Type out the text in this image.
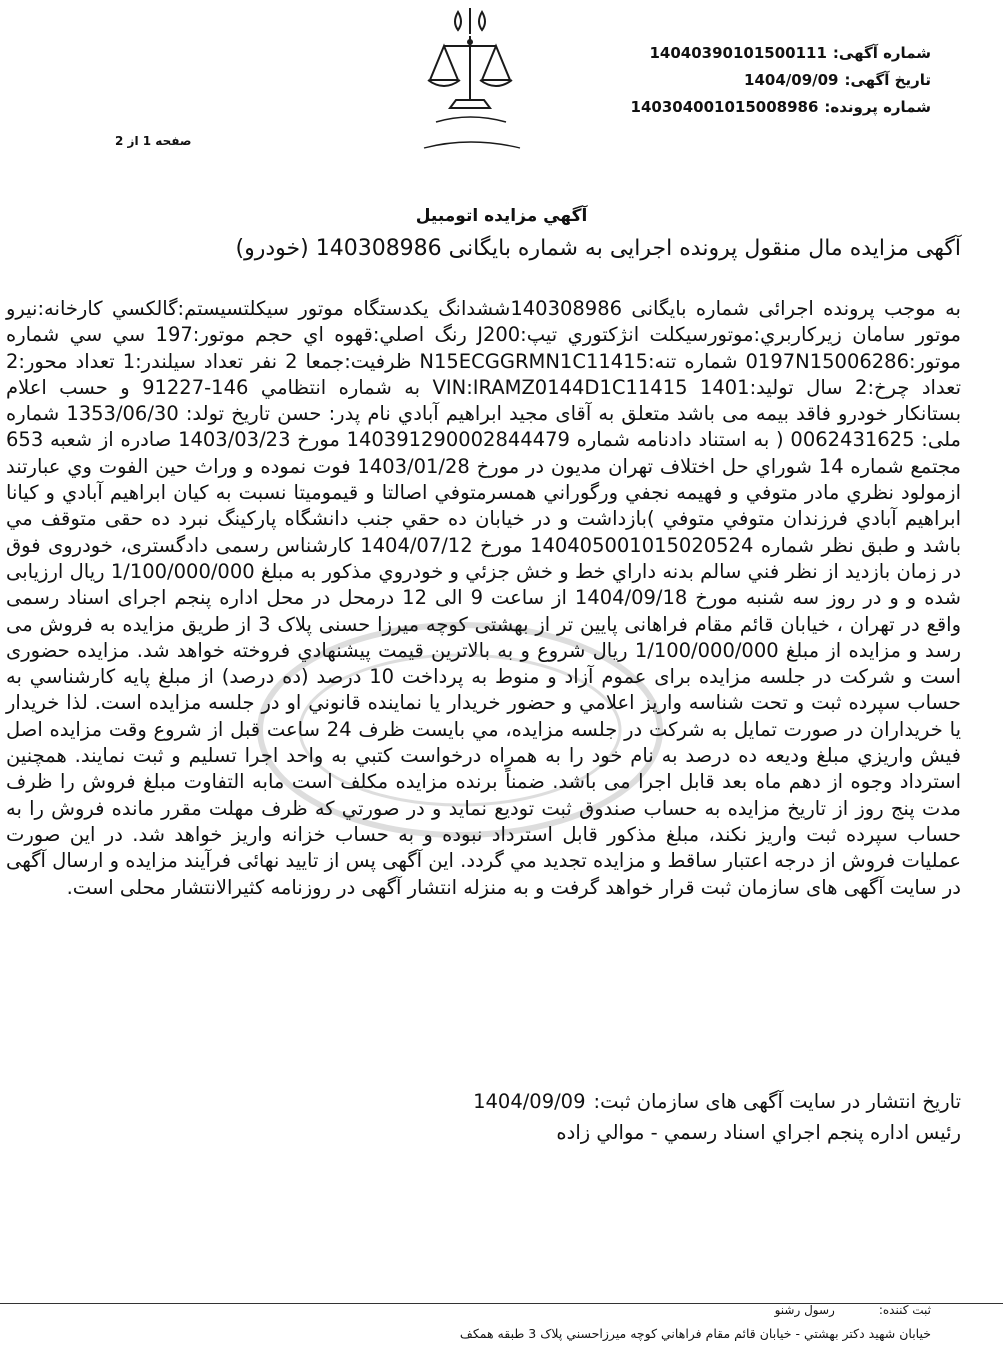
شماره آگهی:14040390101500111
تاریخ آگهی:1404/09/09
شماره پرونده:140304001015008986
صفحه 1 از 2
آگهي مزايده اتومبيل
آگهی مزایده مال منقول پرونده اجرایی به شماره بایگانی 140308986 (خودرو)

به موجب پرونده اجرائی شماره بایگانی 140308986ششدانگ يکدستگاه موتور سيکلتسيستم:گالکسي کارخانه:نيرو موتور سامان زيرکاربري:موتورسيکلت انژکتوري تيپ:J200 رنگ اصلي:قهوه اي حجم موتور:197 سي سي شماره موتور:0197N15006286 شماره تنه:N15ECGGRMN1C11415 ظرفيت:جمعا 2 نفر تعداد سيلندر:1 تعداد محور:2 تعداد چرخ:2 سال توليد:1401 VIN:IRAMZ0144D1C11415 به شماره انتظامي 146-91227 و حسب اعلام بستانکار خودرو فاقد بيمه می باشد متعلق به آقای مجيد ابراهيم آبادي نام پدر: حسن تاريخ تولد: 1353/06/30 شماره ملی: 0062431625 ( به استناد دادنامه شماره 140391290002844479 مورخ 1403/03/23 صادره از شعبه 653 مجتمع شماره 14 شوراي حل اختلاف تهران مديون در مورخ 1403/01/28 فوت نموده و وراث حين الفوت وي عبارتند ازمولود نظري مادر متوفي و فهيمه نجفي ورگوراني همسرمتوفي اصالتا و قيموميتا نسبت به کيان ابراهيم آبادي و کيانا ابراهيم آبادي فرزندان متوفي متوفي )بازداشت و در خيابان ده حقي جنب دانشگاه پارکينگ نبرد ده حقی متوقف مي باشد و طبق نظر شماره 140405001015020524 مورخ 1404/07/12 کارشناس رسمی دادگستری، خودروی فوق در زمان بازدید از نظر فني سالم بدنه داراي خط و خش جزئي و خودروي مذکور به مبلغ 1/100/000/000 ريال ارزيابی شده و و در روز سه شنبه مورخ 1404/09/18 از ساعت 9 الی 12 درمحل در محل اداره پنجم اجرای اسناد رسمی واقع در تهران ، خيابان قائم مقام فراهانی پايين تر از بهشتی کوچه ميرزا حسنی پلاک 3 از طريق مزايده به فروش می رسد و مزايده از مبلغ 1/100/000/000 ريال شروع و به بالاترين قيمت پيشنهادي فروخته خواهد شد. مزايده حضوری است و شرکت در جلسه مزايده برای عموم آزاد و منوط به پرداخت 10 درصد (ده درصد) از مبلغ پايه کارشناسي به حساب سپرده ثبت و تحت شناسه واريز اعلامي و حضور خريدار يا نماينده قانوني او در جلسه مزايده است. لذا خريدار يا خريداران در صورت تمايل به شرکت در جلسه مزايده، مي بايست ظرف 24 ساعت قبل از شروع وقت مزايده اصل فيش واريزي مبلغ وديعه ده درصد به نام خود را به همراه درخواست کتبي به واحد اجرا تسليم و ثبت نمايند. همچنين استرداد وجوه از دهم ماه بعد قابل اجرا می باشد. ضمناً برنده مزايده مکلف است مابه التفاوت مبلغ فروش را ظرف مدت پنج روز از تاريخ مزايده به حساب صندوق ثبت توديع نمايد و در صورتي که ظرف مهلت مقرر مانده فروش را به حساب سپرده ثبت واريز نکند، مبلغ مذکور قابل استرداد نبوده و به حساب خزانه واريز خواهد شد. در اين صورت عمليات فروش از درجه اعتبار ساقط و مزايده تجديد مي گردد. اين آگهی پس از تاييد نهائی فرآيند مزايده و ارسال آگهی در سايت آگهی های سازمان ثبت قرار خواهد گرفت و به منزله انتشار آگهی در روزنامه کثيرالانتشار محلی است.

تاريخ انتشار در سايت آگهی های سازمان ثبت:1404/09/09
رئيس اداره پنجم اجراي اسناد رسمي - موالي زاده
ثبت کننده:رسول رشنو
خيابان شهيد دکتر بهشتي - خيابان قائم مقام فراهاني کوچه ميرزاحسني پلاک 3 طبقه همکف
